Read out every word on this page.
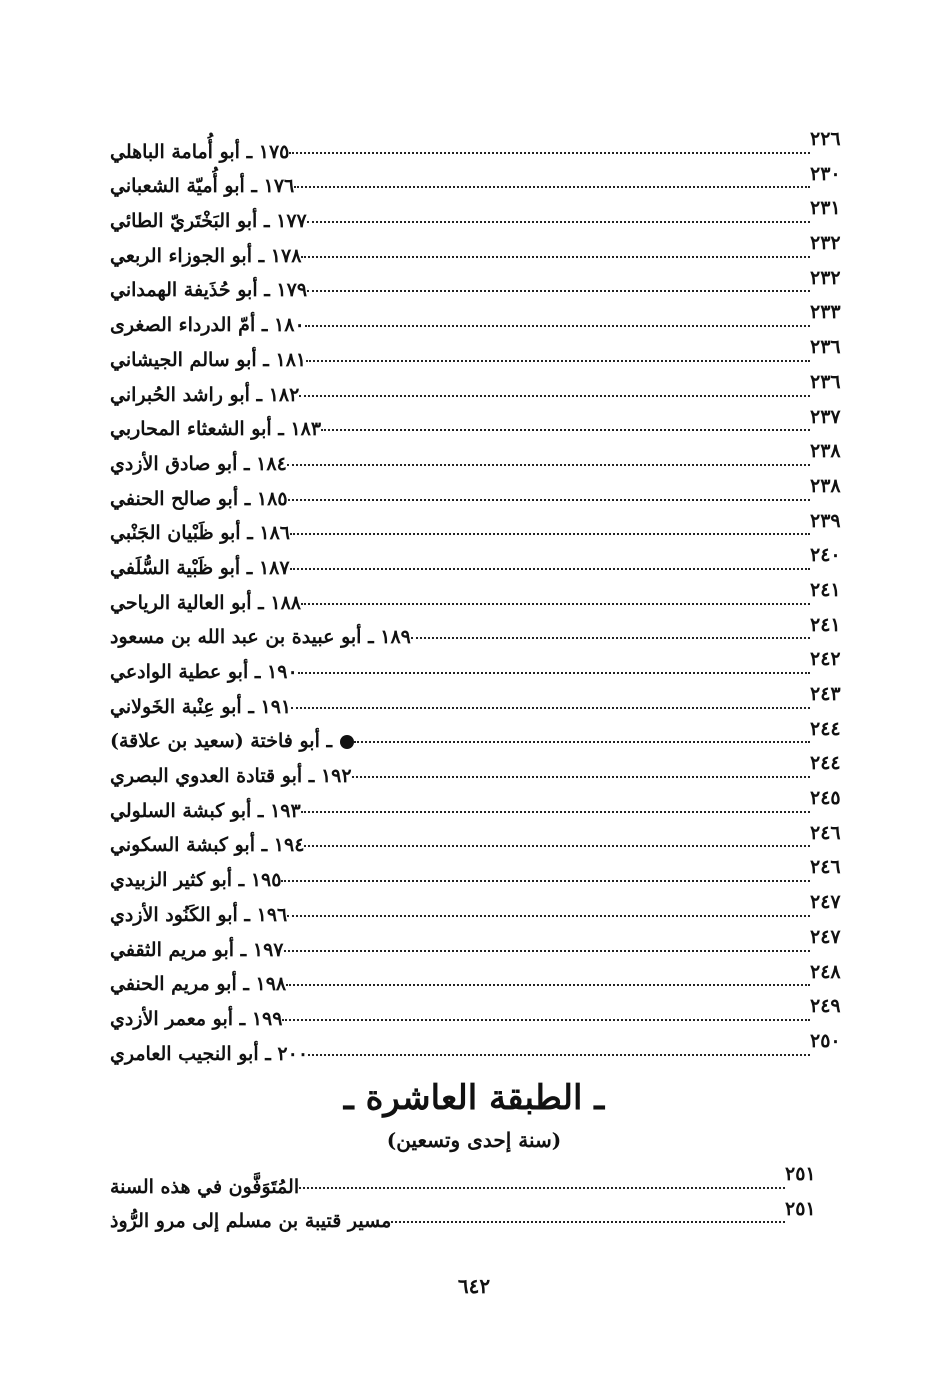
١٧٥ ـ أبو أُمامة الباهلي
٢٢٦
١٧٦ ـ أبو أُميّة الشعباني
٢٣٠
١٧٧ ـ أبو البَخْتَريّ الطائي
٢٣١
١٧٨ ـ أبو الجوزاء الربعي
٢٣٢
١٧٩ ـ أبو حُذَيفة الهمداني
٢٣٢
١٨٠ ـ أمّ الدرداء الصغرى
٢٣٣
١٨١ ـ أبو سالم الجيشاني
٢٣٦
١٨٢ ـ أبو راشد الحُبراني
٢٣٦
١٨٣ ـ أبو الشعثاء المحاربي
٢٣٧
١٨٤ ـ أبو صادق الأزدي
٢٣٨
١٨٥ ـ أبو صالح الحنفي
٢٣٨
١٨٦ ـ أبو ظَبْيان الجَنْبي
٢٣٩
١٨٧ ـ أبو ظَبْية السُّلَفي
٢٤٠
١٨٨ ـ أبو العالية الرياحي
٢٤١
١٨٩ ـ أبو عبيدة بن عبد الله بن مسعود
٢٤١
١٩٠ ـ أبو عطية الوادعي
٢٤٢
١٩١ ـ أبو عِنْبة الخَولاني
٢٤٣
ـ أبو فاختة (سعيد بن علاقة)
٢٤٤
١٩٢ ـ أبو قتادة العدوي البصري
٢٤٤
١٩٣ ـ أبو كبشة السلولي
٢٤٥
١٩٤ ـ أبو كبشة السكوني
٢٤٦
١٩٥ ـ أبو كثير الزبيدي
٢٤٦
١٩٦ ـ أبو الكَنُود الأزدي
٢٤٧
١٩٧ ـ أبو مريم الثقفي
٢٤٧
١٩٨ ـ أبو مريم الحنفي
٢٤٨
١٩٩ ـ أبو معمر الأزدي
٢٤٩
٢٠٠ ـ أبو النجيب العامري
٢٥٠
ـ الطبقة العاشرة ـ
(سنة إحدى وتسعين)
المُتَوَفَّون في هذه السنة
٢٥١
مسير قتيبة بن مسلم إلى مرو الرُّوذ
٢٥١
٦٤٢
